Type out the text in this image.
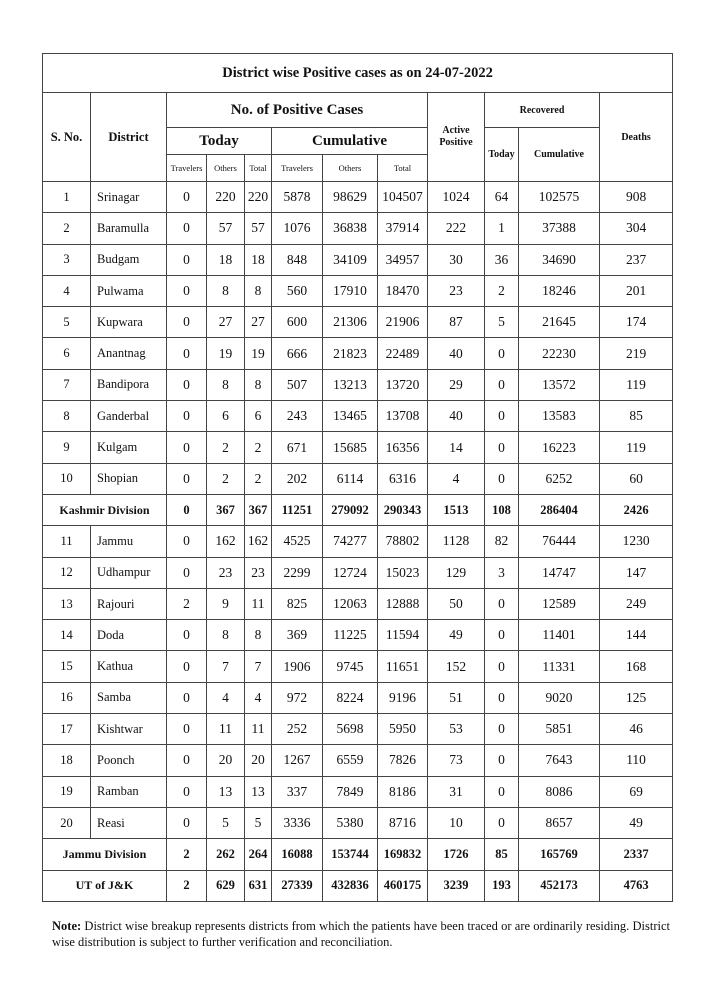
District wise Positive cases as on 24-07-2022											
S. No.	District	No. of Positive Cases						Active Positive	Recovered		Deaths
		Today			Cumulative				Today	Cumulative	
		Travelers	Others	Total	Travelers	Others	Total				
1	Srinagar	0	220	220	5878	98629	104507	1024	64	102575	908
2	Baramulla	0	57	57	1076	36838	37914	222	1	37388	304
3	Budgam	0	18	18	848	34109	34957	30	36	34690	237
4	Pulwama	0	8	8	560	17910	18470	23	2	18246	201
5	Kupwara	0	27	27	600	21306	21906	87	5	21645	174
6	Anantnag	0	19	19	666	21823	22489	40	0	22230	219
7	Bandipora	0	8	8	507	13213	13720	29	0	13572	119
8	Ganderbal	0	6	6	243	13465	13708	40	0	13583	85
9	Kulgam	0	2	2	671	15685	16356	14	0	16223	119
10	Shopian	0	2	2	202	6114	6316	4	0	6252	60
Kashmir Division		0	367	367	11251	279092	290343	1513	108	286404	2426
11	Jammu	0	162	162	4525	74277	78802	1128	82	76444	1230
12	Udhampur	0	23	23	2299	12724	15023	129	3	14747	147
13	Rajouri	2	9	11	825	12063	12888	50	0	12589	249
14	Doda	0	8	8	369	11225	11594	49	0	11401	144
15	Kathua	0	7	7	1906	9745	11651	152	0	11331	168
16	Samba	0	4	4	972	8224	9196	51	0	9020	125
17	Kishtwar	0	11	11	252	5698	5950	53	0	5851	46
18	Poonch	0	20	20	1267	6559	7826	73	0	7643	110
19	Ramban	0	13	13	337	7849	8186	31	0	8086	69
20	Reasi	0	5	5	3336	5380	8716	10	0	8657	49
Jammu Division		2	262	264	16088	153744	169832	1726	85	165769	2337
UT of J&K		2	629	631	27339	432836	460175	3239	193	452173	4763
Note: District wise breakup represents districts from which the patients have been traced or are ordinarily residing. District wise distribution is subject to further verification and reconciliation.
